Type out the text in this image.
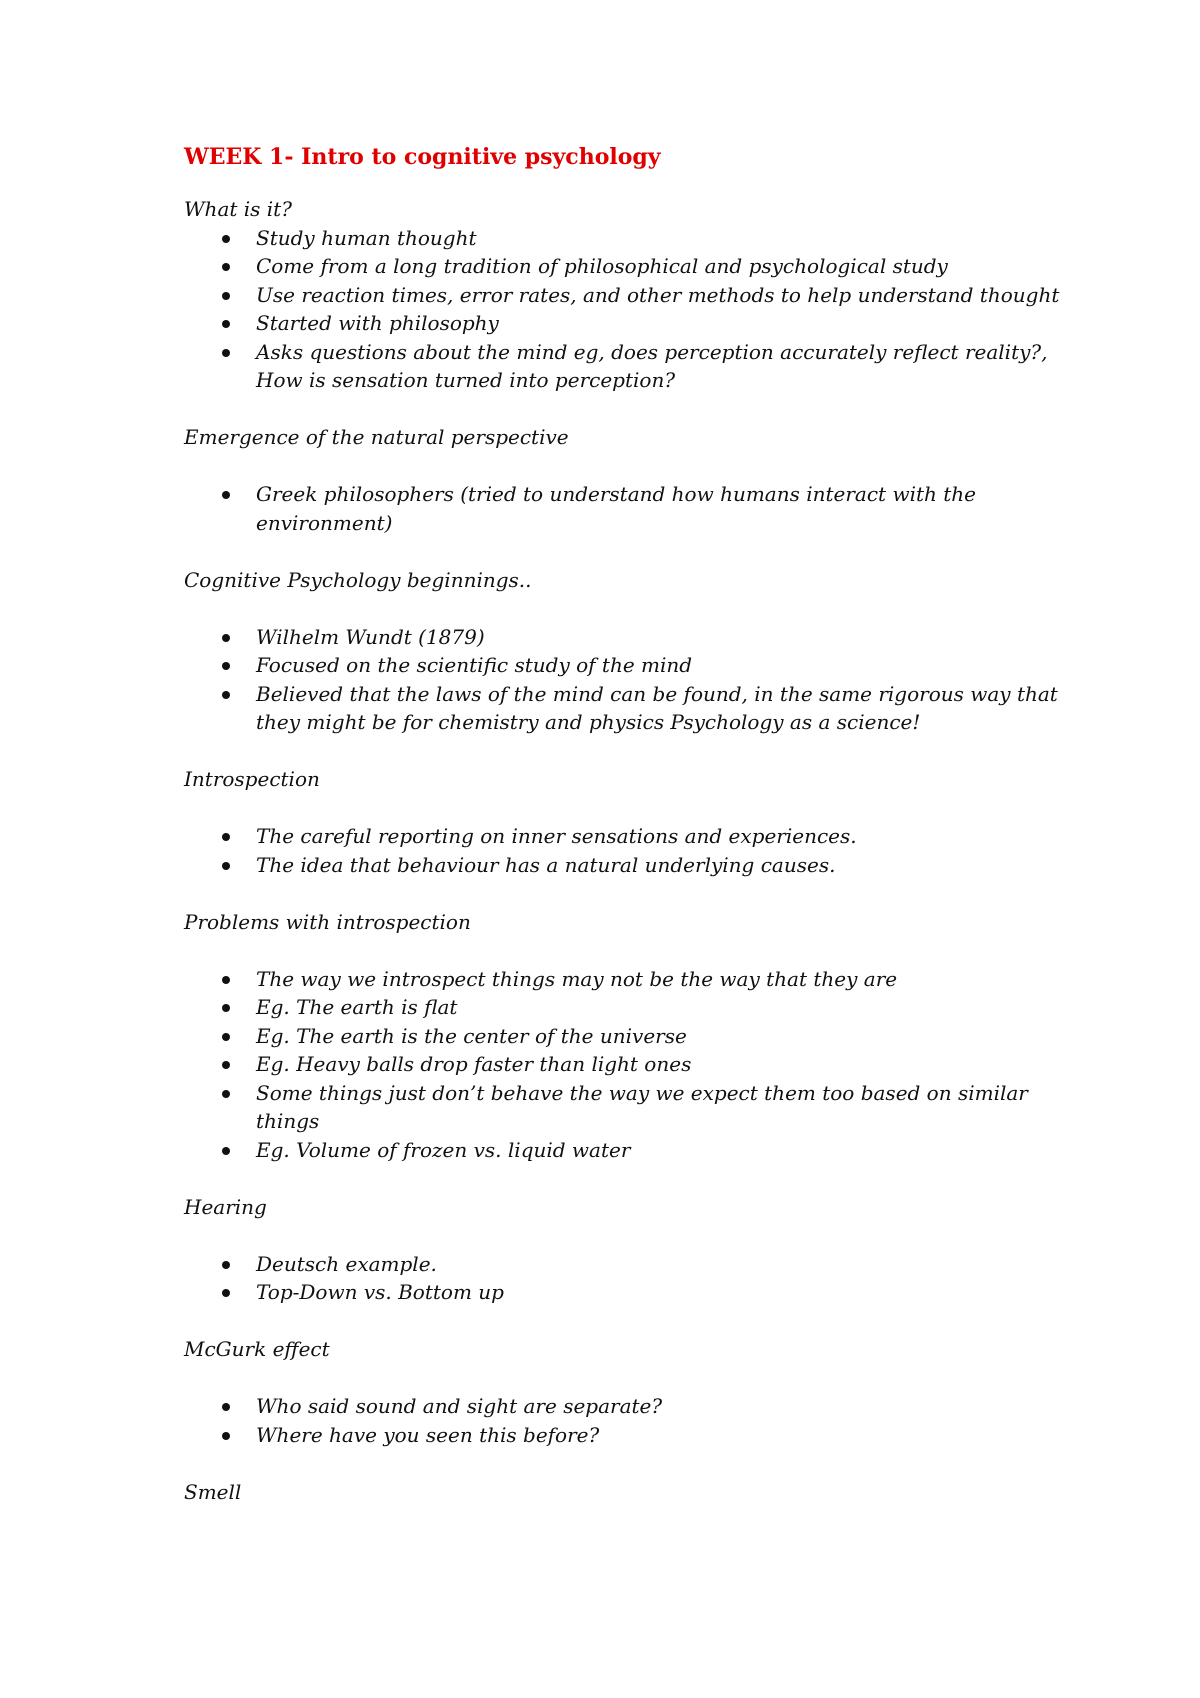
WEEK 1- Intro to cognitive psychology

What is it?

Study human thought
Come from a long tradition of philosophical and psychological study
Use reaction times, error rates, and other methods to help understand thought
Started with philosophy
Asks questions about the mind eg, does perception accurately reflect reality?, How is sensation turned into perception?

Emergence of the natural perspective

Greek philosophers (tried to understand how humans interact with the environment)

Cognitive Psychology beginnings..

Wilhelm Wundt (1879)
Focused on the scientific study of the mind
Believed that the laws of the mind can be found, in the same rigorous way that they might be for chemistry and physics Psychology as a science!

Introspection

The careful reporting on inner sensations and experiences.
The idea that behaviour has a natural underlying causes.

Problems with introspection

The way we introspect things may not be the way that they are
Eg. The earth is flat
Eg. The earth is the center of the universe
Eg. Heavy balls drop faster than light ones
Some things just don’t behave the way we expect them too based on similar things
Eg. Volume of frozen vs. liquid water

Hearing

Deutsch example.
Top-Down vs. Bottom up

McGurk effect

Who said sound and sight are separate?
Where have you seen this before?

Smell
